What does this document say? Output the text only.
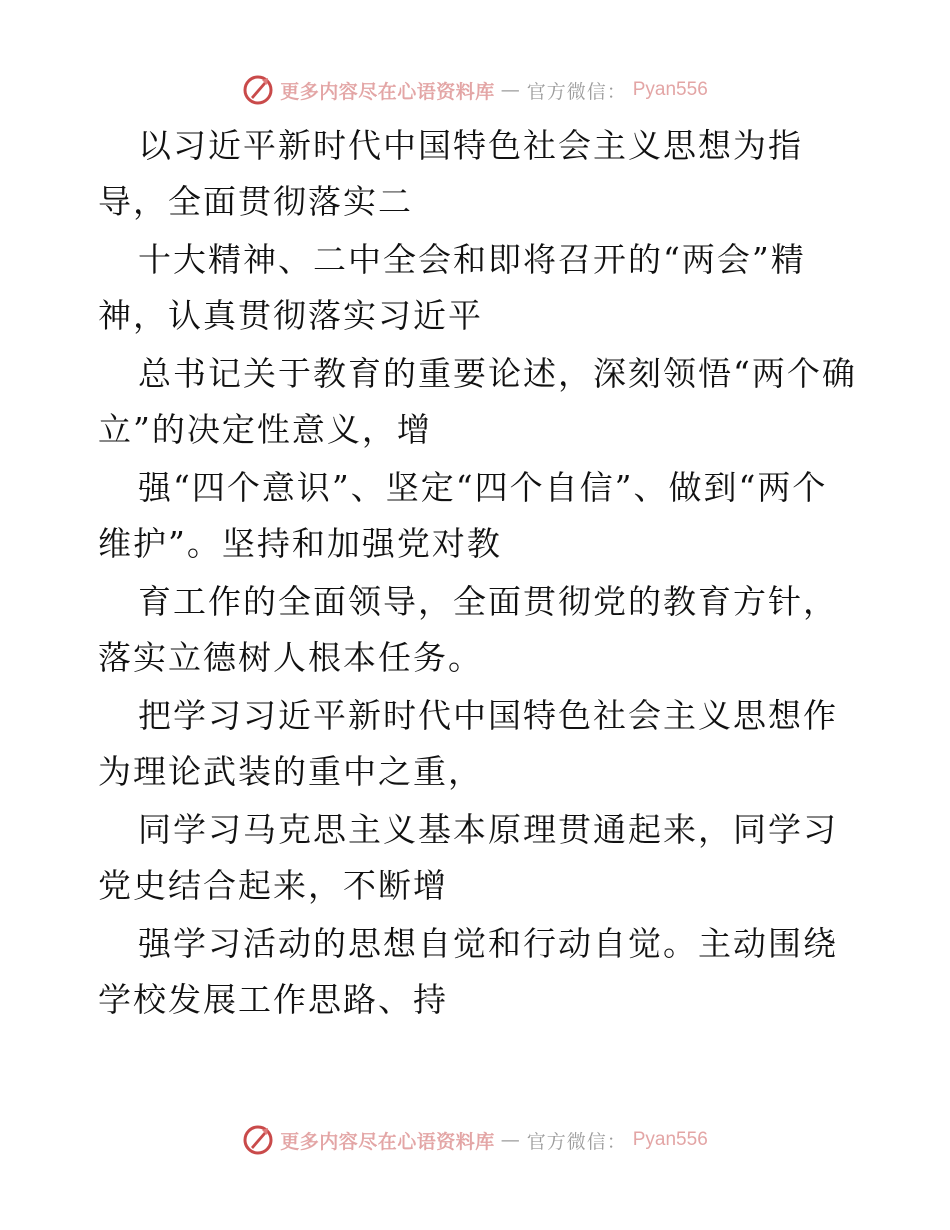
更多内容尽在心语资料库 — 官方微信： Pyan556

以习近平新时代中国特色社会主义思想为指导，全面贯彻落实二

十大精神、二中全会和即将召开的“两会”精神，认真贯彻落实习近平

总书记关于教育的重要论述，深刻领悟“两个确立”的决定性意义，增

强“四个意识”、坚定“四个自信”、做到“两个维护”。坚持和加强党对教

育工作的全面领导，全面贯彻党的教育方针，落实立德树人根本任务。

把学习习近平新时代中国特色社会主义思想作为理论武装的重中之重，

同学习马克思主义基本原理贯通起来，同学习党史结合起来，不断增

强学习活动的思想自觉和行动自觉。主动围绕学校发展工作思路、持

更多内容尽在心语资料库 — 官方微信： Pyan556
